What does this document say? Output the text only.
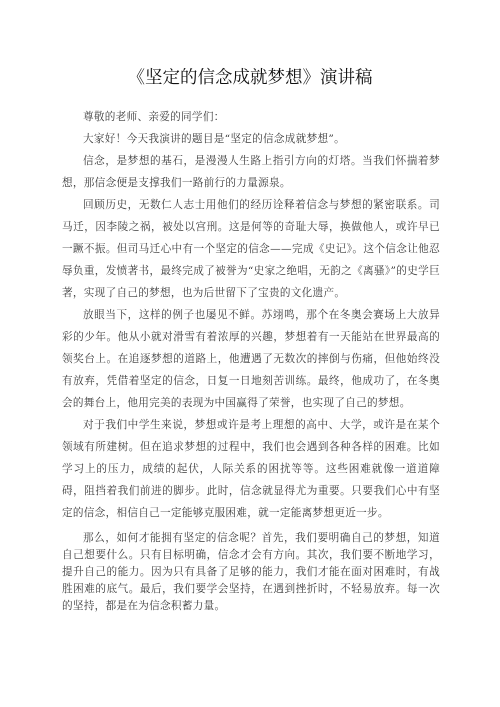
《坚定的信念成就梦想》演讲稿

尊敬的老师、亲爱的同学们：

大家好！今天我演讲的题目是“坚定的信念成就梦想”。

信念，是梦想的基石，是漫漫人生路上指引方向的灯塔。当我们怀揣着梦想，那信念便是支撑我们一路前行的力量源泉。

回顾历史，无数仁人志士用他们的经历诠释着信念与梦想的紧密联系。司马迁，因李陵之祸，被处以宫刑。这是何等的奇耻大辱，换做他人，或许早已一蹶不振。但司马迁心中有一个坚定的信念——完成《史记》。这个信念让他忍辱负重，发愤著书，最终完成了被誉为“史家之绝唱，无韵之《离骚》”的史学巨著，实现了自己的梦想，也为后世留下了宝贵的文化遗产。

放眼当下，这样的例子也屡见不鲜。苏翊鸣，那个在冬奥会赛场上大放异彩的少年。他从小就对滑雪有着浓厚的兴趣，梦想着有一天能站在世界最高的领奖台上。在追逐梦想的道路上，他遭遇了无数次的摔倒与伤痛，但他始终没有放弃，凭借着坚定的信念，日复一日地刻苦训练。最终，他成功了，在冬奥会的舞台上，他用完美的表现为中国赢得了荣誉，也实现了自己的梦想。

对于我们中学生来说，梦想或许是考上理想的高中、大学，或许是在某个领域有所建树。但在追求梦想的过程中，我们也会遇到各种各样的困难。比如学习上的压力，成绩的起伏，人际关系的困扰等等。这些困难就像一道道障碍，阻挡着我们前进的脚步。此时，信念就显得尤为重要。只要我们心中有坚定的信念，相信自己一定能够克服困难，就一定能离梦想更近一步。

那么，如何才能拥有坚定的信念呢？首先，我们要明确自己的梦想，知道自己想要什么。只有目标明确，信念才会有方向。其次，我们要不断地学习，提升自己的能力。因为只有具备了足够的能力，我们才能在面对困难时，有战胜困难的底气。最后，我们要学会坚持，在遇到挫折时，不轻易放弃。每一次的坚持，都是在为信念积蓄力量。
